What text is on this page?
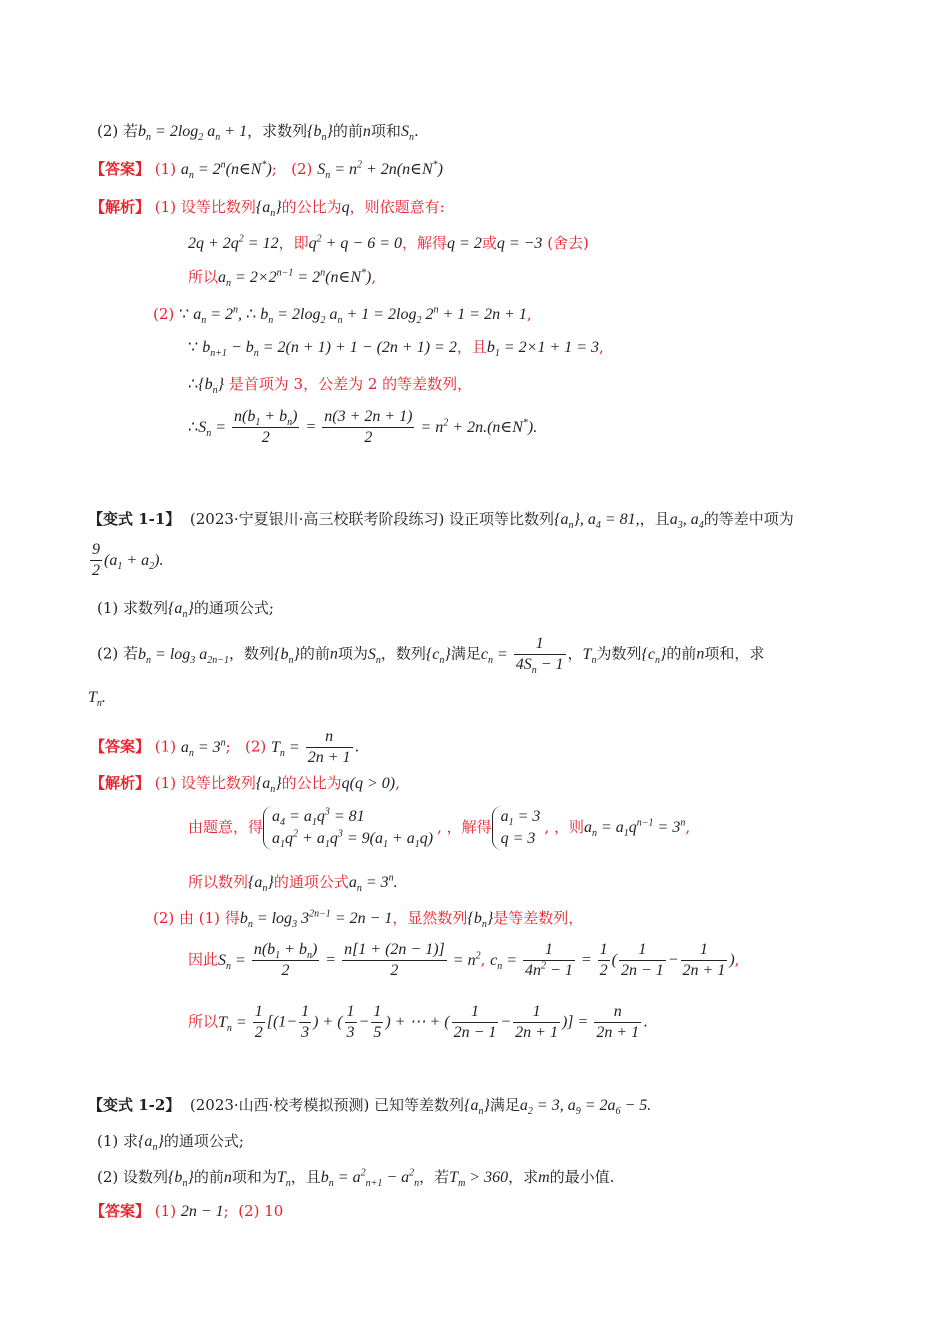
(2) 若$b_n = 2\log_2$ $a_n + 1$，求数列$\{b_n\}$的前n项和$S_n$.
【答案】 (1) $a_n$ = $2^n(n\in N^*)$;   (2) $S_n = n^2$ + 2n(n∈N*)
【解析】 (1) 设等比数列$\{a_n\}$的公比为q，则依题意有:
$2q + 2q^2 = 12$，即$q^2 + q - 6 = 0$，解得q = 2或q = −3 (舍去)
所以$a_n = 2\times 2^{n-1}$ = $2^n(n\in N^*)$,
(2) ∵ $a_n = 2^n$, ∴ $b_n = 2\log_2$ $a_n + 1 = 2\log_2$ $2^n + 1 = 2n + 1$,
∵ $b_{n+1} - b_n = 2(n + 1) + 1 - (2n + 1) = 2$，且$b_1 = 2\times 1 + 1 = 3$,
$\therefore\{b_n\}$ 是首项为 3，公差为 2 的等差数列，
$\therefore S_n = \frac{n(b_1 + b_n)}{2} = \frac{n(3 + 2n + 1)}{2} = n^2$ + 2n.(n∈N*).
【变式 1-1】 (2023·宁夏银川·高三校联考阶段练习) 设正项等比数列$\{a_n\}$, $a_4 = 81$,，且$a_3$, $a_4$的等差中项为
$\frac{9}{2} (a_1 + a_2)$.
(1) 求数列$\{a_n\}$的通项公式;
(2) 若$b_n = \log_3 a_{2n-1}$，数列$\{b_n\}$的前n项为$S_n$，数列$\{c_n\}$满足$c_n = \frac{1}{4S_n - 1}$ ，$T_n$为数列$\{c_n\}$的前n项和，求
$T_n$.
【答案】 (1) $a_n = 3^n$;   (2) $T_n = \frac{n}{2n + 1}$ .
【解析】 (1) 设等比数列$\{a_n\}$的公比为q(q > 0),
由题意，得
$a_4 = a_1q^3 = 81$
$a_1q^2 + a_1q^3 = 9(a_1 + a_1q)$
, ，解得
$a_1 = 3$
q = 3
, ，则$a_n = a_1q^{n-1} = 3^n$,
所以数列$\{a_n\}$的通项公式$a_n = 3^n$.
(2) 由 (1) 得$b_n = \log_3 3^{2n-1} = 2n - 1$，显然数列$\{b_n\}$是等差数列，
因此$S_n = \frac{n(b_1 + b_n)}{2} = \frac{n[1 + (2n - 1)]}{2} = n^2$, $c_n = \frac{1}{4n^2 - 1} = \frac{1}{2}$ ( $\frac{1}{2n - 1} - \frac{1}{2n + 1}$ ),
所以$T_n = \frac{1}{2} [(1- \frac{1}{3}$ ) + ( $\frac{1}{3} - \frac{1}{5}$ ) + ⋯ + ( $\frac{1}{2n - 1} - \frac{1}{2n + 1}$ )] = $\frac{n}{2n + 1}$ .
【变式 1-2】 (2023·山西·校考模拟预测) 已知等差数列$\{a_n\}$满足$a_2 = 3$, $a_9 = 2a_6 - 5$.
(1) 求$\{a_n\}$的通项公式;
(2) 设数列$\{b_n\}$的前n项和为$T_n$，且$b_n = a^2_{n+1} - a^2_n$，若$T_m > 360$，求m的最小值.
【答案】 (1) 2n − 1;  (2) 10
